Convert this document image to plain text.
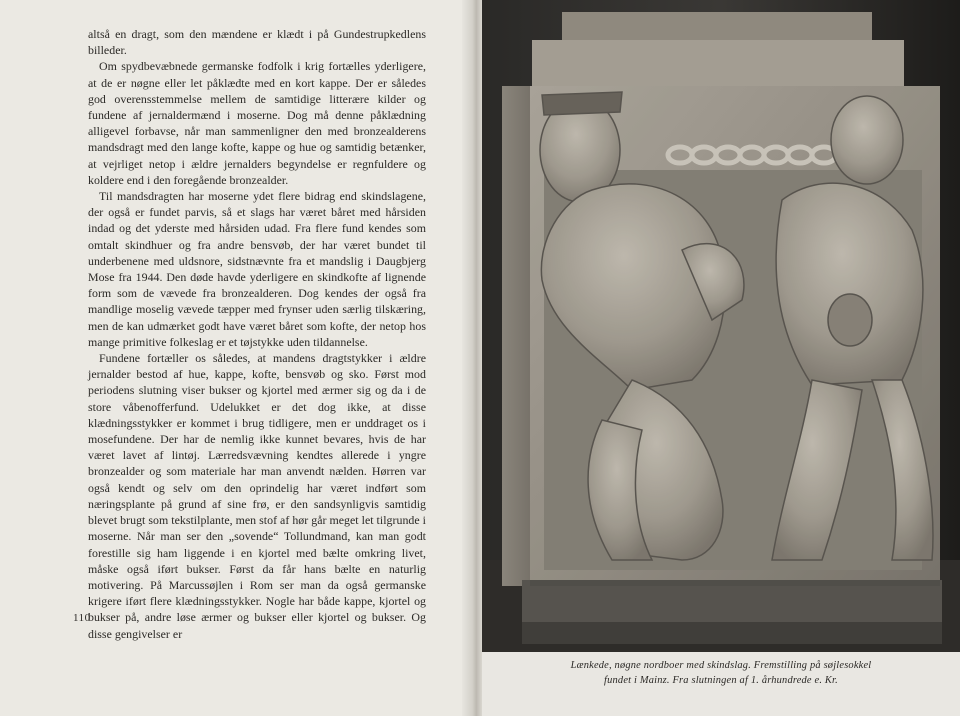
altså en dragt, som den mændene er klædt i på Gundestrupkedlens billeder.

Om spydbevæbnede germanske fodfolk i krig fortælles yderligere, at de er nøgne eller let påklædte med en kort kappe. Der er således god overensstemmelse mellem de samtidige litterære kilder og fundene af jernaldermænd i moserne. Dog må denne påklædning alligevel forbavse, når man sammenligner den med bronzealderens mandsdragt med den lange kofte, kappe og hue og samtidig betænker, at vejrliget netop i ældre jernalders begyndelse er regnfuldere og koldere end i den foregående bronzealder.

Til mandsdragten har moserne ydet flere bidrag end skindslagene, der også er fundet parvis, så et slags har været båret med hårsiden indad og det yderste med hårsiden udad. Fra flere fund kendes som omtalt skindhuer og fra andre bensvøb, der har været bundet til underbenene med uldsnore, sidstnævnte fra et mandslig i Daugbjerg Mose fra 1944. Den døde havde yderligere en skindkofte af lignende form som de vævede fra bronzealderen. Dog kendes der også fra mandlige moselig vævede tæpper med frynser uden særlig tilskæring, men de kan udmærket godt have været båret som kofte, der netop hos mange primitive folkeslag er et tøjstykke uden tildannelse.

Fundene fortæller os således, at mandens dragtstykker i ældre jernalder bestod af hue, kappe, kofte, bensvøb og sko. Først mod periodens slutning viser bukser og kjortel med ærmer sig og da i de store våbenofferfund. Udelukket er det dog ikke, at disse klædningsstykker er kommet i brug tidligere, men er unddraget os i mosefundene. Der har de nemlig ikke kunnet bevares, hvis de har været lavet af lintøj. Lærredsvævning kendtes allerede i yngre bronzealder og som materiale har man anvendt nælden. Hørren var også kendt og selv om den oprindelig har været indført som næringsplante på grund af sine frø, er den sandsynligvis samtidig blevet brugt som tekstilplante, men stof af hør går meget let tilgrunde i moserne. Når man ser den „sovende“ Tollundmand, kan man godt forestille sig ham liggende i en kjortel med bælte omkring livet, måske også iført bukser. Først da får hans bælte en naturlig motivering. På Marcussøjlen i Rom ser man da også germanske krigere iført flere klædningsstykker. Nogle har både kappe, kjortel og bukser på, andre løse ærmer og bukser eller kjortel og bukser. Og disse gengivelser er

110
Lænkede, nøgne nordboer med skindslag. Fremstilling på søjlesokkel
fundet i Mainz. Fra slutningen af 1. århundrede e. Kr.
